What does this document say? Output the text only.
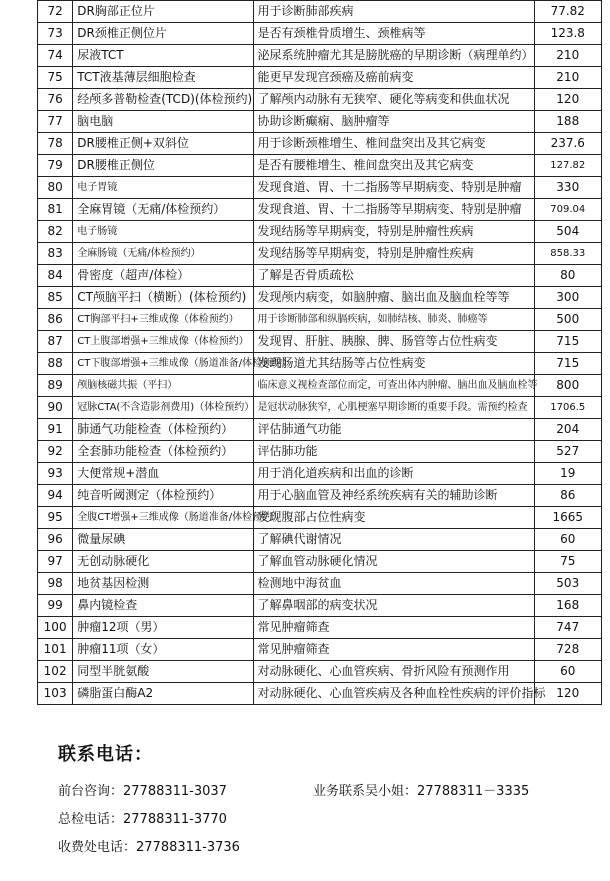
72	DR胸部正位片	用于诊断肺部疾病	77.82
73	DR颈椎正侧位片	是否有颈椎骨质增生、颈椎病等	123.8
74	尿液TCT	泌尿系统肿瘤尤其是膀胱癌的早期诊断（病理单约）	210
75	TCT液基薄层细胞检查	能更早发现宫颈癌及癌前病变	210
76	经颅多普勒检查(TCD)(体检预约)	了解颅内动脉有无狭窄、硬化等病变和供血状况	120
77	脑电脑	协助诊断癫痫、脑肿瘤等	188
78	DR腰椎正侧+双斜位	用于诊断颈椎增生、椎间盘突出及其它病变	237.6
79	DR腰椎正侧位	是否有腰椎增生、椎间盘突出及其它病变	127.82
80	电子胃镜	发现食道、胃、十二指肠等早期病变、特别是肿瘤	330
81	全麻胃镜（无痛/体检预约）	发现食道、胃、十二指肠等早期病变、特别是肿瘤	709.04
82	电子肠镜	发现结肠等早期病变，特别是肿瘤性疾病	504
83	全麻肠镜（无痛/体检预约）	发现结肠等早期病变，特别是肿瘤性疾病	858.33
84	骨密度（超声/体检）	了解是否骨质疏松	80
85	CT颅脑平扫（横断）(体检预约)	发现颅内病变，如脑肿瘤、脑出血及脑血栓等等	300
86	CT胸部平扫+三维成像（体检预约）	用于诊断肺部和纵膈疾病，如肺结核、肺炎、肺癌等	500
87	CT上腹部增强+三维成像（体检预约）	发现胃、肝脏、胰腺、脾、肠管等占位性病变	715
88	CT下腹部增强+三维成像（肠道准备/体检预约）	发现肠道尤其结肠等占位性病变	715
89	颅脑核磁共振（平扫）	临床意义视检查部位而定，可查出体内肿瘤、脑出血及脑血栓等	800
90	冠脉CTA(不含造影剂费用)（体检预约）	是冠状动脉狭窄，心肌梗塞早期诊断的重要手段。需预约检查	1706.5
91	肺通气功能检查（体检预约）	评估肺通气功能	204
92	全套肺功能检查（体检预约）	评估肺功能	527
93	大便常规+潜血	用于消化道疾病和出血的诊断	19
94	纯音听阈测定（体检预约）	用于心脑血管及神经系统疾病有关的辅助诊断	86
95	全腹CT增强+三维成像（肠道准备/体检预约）	发现腹部占位性病变	1665
96	微量尿碘	了解碘代谢情况	60
97	无创动脉硬化	了解血管动脉硬化情况	75
98	地贫基因检测	检测地中海贫血	503
99	鼻内镜检查	了解鼻咽部的病变状况	168
100	肿瘤12项（男）	常见肿瘤筛查	747
101	肿瘤11项（女）	常见肿瘤筛查	728
102	同型半胱氨酸	对动脉硬化、心血管疾病、骨折风险有预测作用	60
103	磷脂蛋白酶A2	对动脉硬化、心血管疾病及各种血栓性疾病的评价指标	120
联系电话：
前台咨询：27788311-3037	业务联系吴小姐：27788311－3335
总检电话：27788311-3770
收费处电话：27788311-3736
